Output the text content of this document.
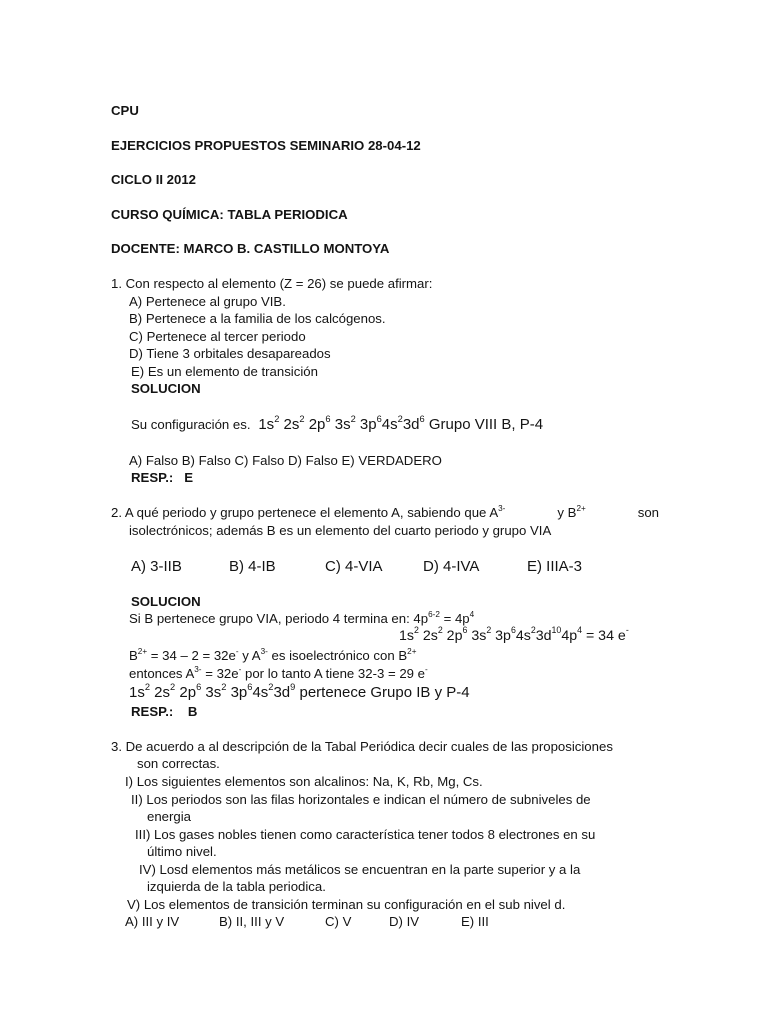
CPU
EJERCICIOS PROPUESTOS SEMINARIO 28-04-12
CICLO II 2012
CURSO QUÍMICA: TABLA PERIODICA
DOCENTE: MARCO B. CASTILLO MONTOYA
1. Con respecto al elemento (Z = 26) se puede afirmar:
A) Pertenece al grupo VIB.
B) Pertenece a la familia de los calcógenos.
C) Pertenece al tercer periodo
D) Tiene 3 orbitales desapareados
E) Es un elemento de transición
SOLUCION
Su configuración es.  $1s^2$ $2s^2$ $2p^6$ $3s^2$ $3p^64s^23d^6$ Grupo VIII B, P-4
A) Falso B) Falso C) Falso D) Falso E) VERDADERO
RESP.: E
2. A qué periodo y grupo pertenece el elemento A, sabiendo que $A^{3-}$	y $B^{2+}$	son
isolectrónicos; además B es un elemento del cuarto periodo y grupo VIA
A) 3-IIB	B) 4-IB	C) 4-VIA	D) 4-IVA	E) IIIA-3
SOLUCION
Si B pertenece grupo VIA, periodo 4 termina en: $4p^{6-2} = 4p^4$
$1s^2$ $2s^2$ $2p^6$ $3s^2$ $3p^64s^23d^{10}4p^4 = 34$ e-
$B^{2+} = 34 - 2 = 32e^-$ y $A^{3-}$ es isoelectrónico con $B^{2+}$
entonces $A^{3-} = 32e^-$ por lo tanto A tiene 32-3 = 29 e-
$1s^2$ $2s^2$ $2p^6$ $3s^2$ $3p^64s^23d^9$ pertenece Grupo IB y P-4
RESP.: B
3. De acuerdo a al descripción de la Tabal Periódica decir cuales de las proposiciones
son correctas.
I) Los siguientes elementos son alcalinos: Na, K, Rb, Mg, Cs.
II) Los periodos son las filas horizontales e indican el número de subniveles de
energia
III) Los gases nobles tienen como característica tener todos 8 electrones en su
último nivel.
IV) Losd elementos más metálicos se encuentran en la parte superior y a la
izquierda de la tabla periodica.
V) Los elementos de transición terminan su configuración en el sub nivel d.
A) III y IV	B) II, III y V	C) V	D) IV	E) III
